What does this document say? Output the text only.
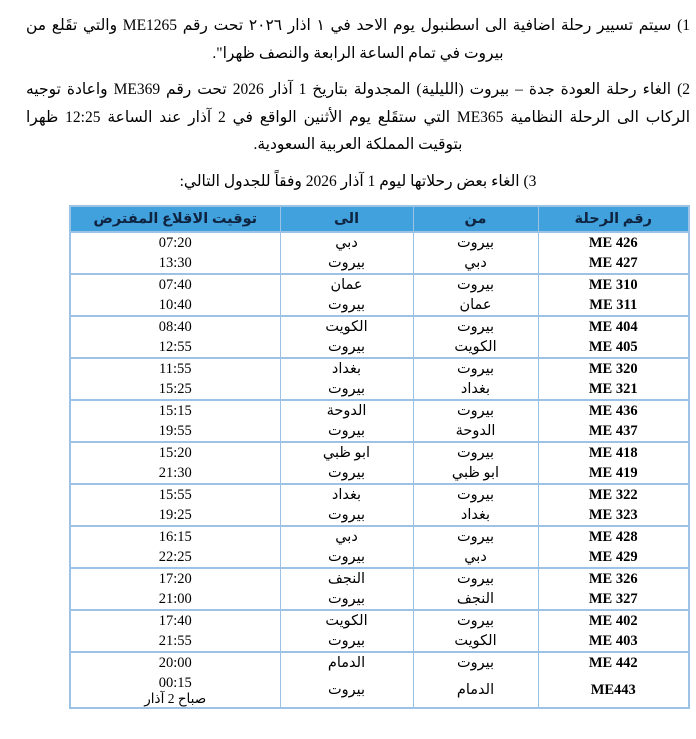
1) سيتم تسيير رحلة اضافية الى اسطنبول يوم الاحد في ١ اذار ٢٠٢٦ تحت رقم ME1265 والتي تقَلع من بيروت في تمام الساعة الرابعة والنصف ظهرا".

2) الغاء رحلة العودة جدة – بيروت (الليلية) المجدولة بتاريخ 1 آذار 2026 تحت رقم ME369 واعادة توجيه الركاب الى الرحلة النظامية ME365 التي ستقَلع يوم الأثنين الواقع في 2 آذار عند الساعة 12:25 ظهرا بتوقيت المملكة العربية السعودية.

3) الغاء بعض رحلاتها ليوم 1 آذار 2026 وفقاً للجدول التالي:

رقم الرحلة	من	الى	توقيت الاقلاع المفترض
ME 426	بيروت	دبي	07:20
ME 427	دبي	بيروت	13:30
ME 310	بيروت	عمان	07:40
ME 311	عمان	بيروت	10:40
ME 404	بيروت	الكويت	08:40
ME 405	الكويت	بيروت	12:55
ME 320	بيروت	بغداد	11:55
ME 321	بغداد	بيروت	15:25
ME 436	بيروت	الدوحة	15:15
ME 437	الدوحة	بيروت	19:55
ME 418	بيروت	ابو ظبي	15:20
ME 419	ابو ظبي	بيروت	21:30
ME 322	بيروت	بغداد	15:55
ME 323	بغداد	بيروت	19:25
ME 428	بيروت	دبي	16:15
ME 429	دبي	بيروت	22:25
ME 326	بيروت	النجف	17:20
ME 327	النجف	بيروت	21:00
ME 402	بيروت	الكويت	17:40
ME 403	الكويت	بيروت	21:55
ME 442	بيروت	الدمام	20:00
ME443	الدمام	بيروت	00:15
صباح 2 آذار
